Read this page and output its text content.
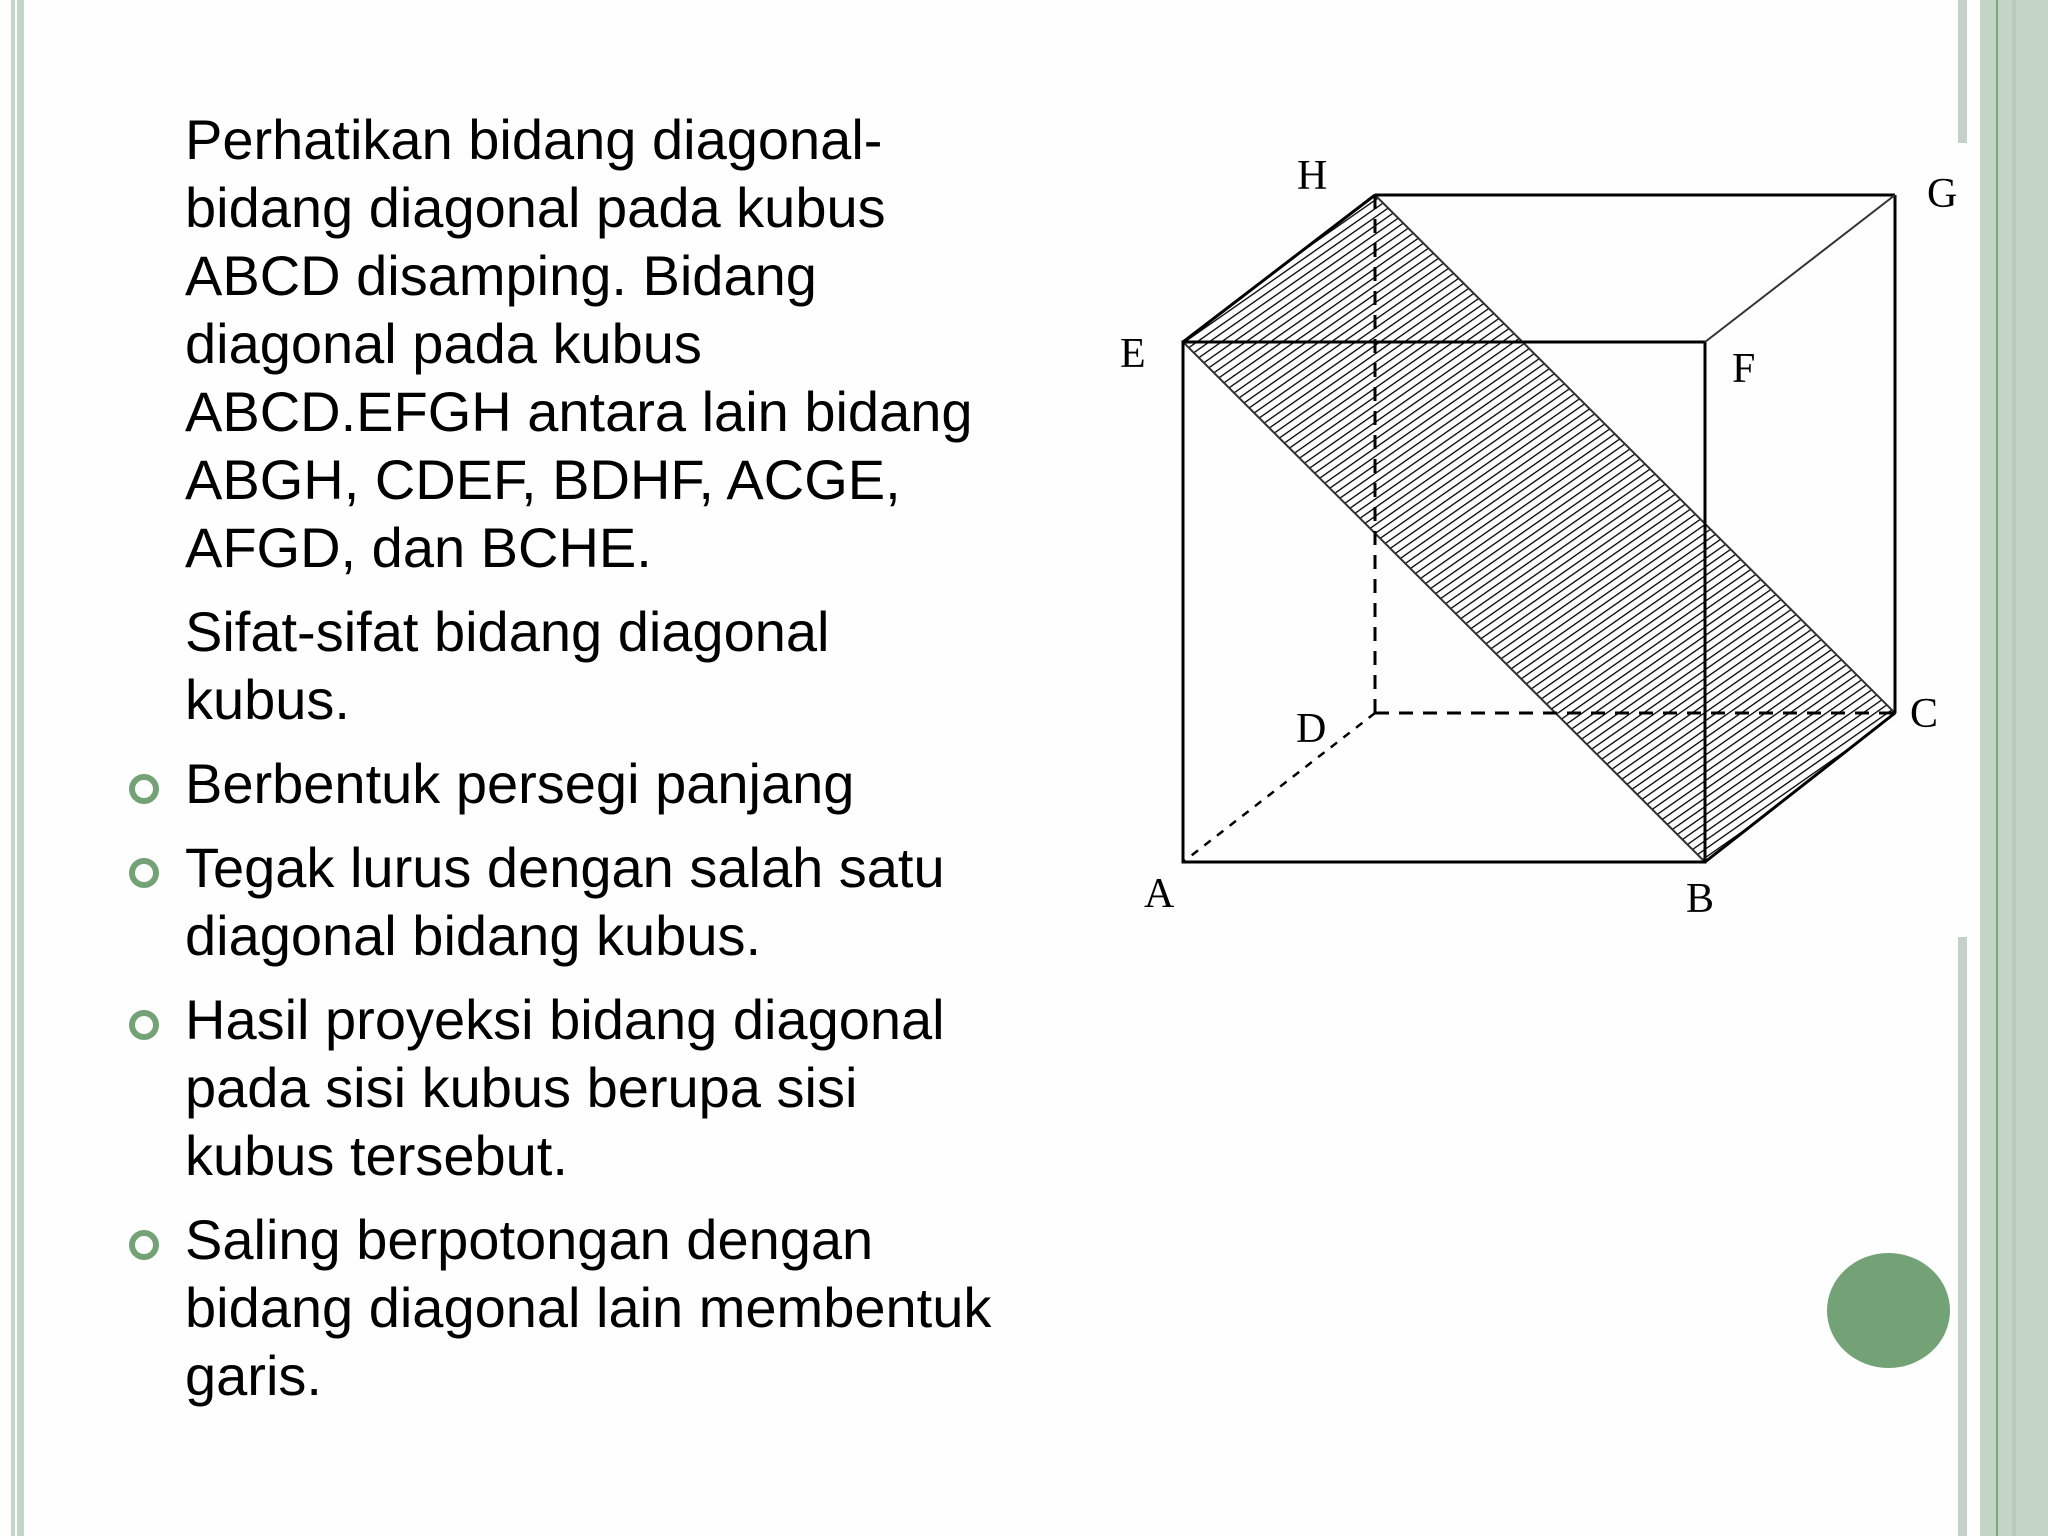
Perhatikan bidang diagonal-
bidang diagonal pada kubus
ABCD disamping. Bidang
diagonal pada kubus
ABCD.EFGH antara lain bidang
ABGH, CDEF, BDHF, ACGE,
AFGD, dan BCHE.
Sifat-sifat bidang diagonal
kubus.
Berbentuk persegi panjang
Tegak lurus dengan salah satu
diagonal bidang kubus.
Hasil proyeksi bidang diagonal
pada sisi kubus berupa sisi
kubus tersebut.
Saling berpotongan dengan
bidang diagonal lain membentuk
garis.
H	G
E	F
D	C
A	B
